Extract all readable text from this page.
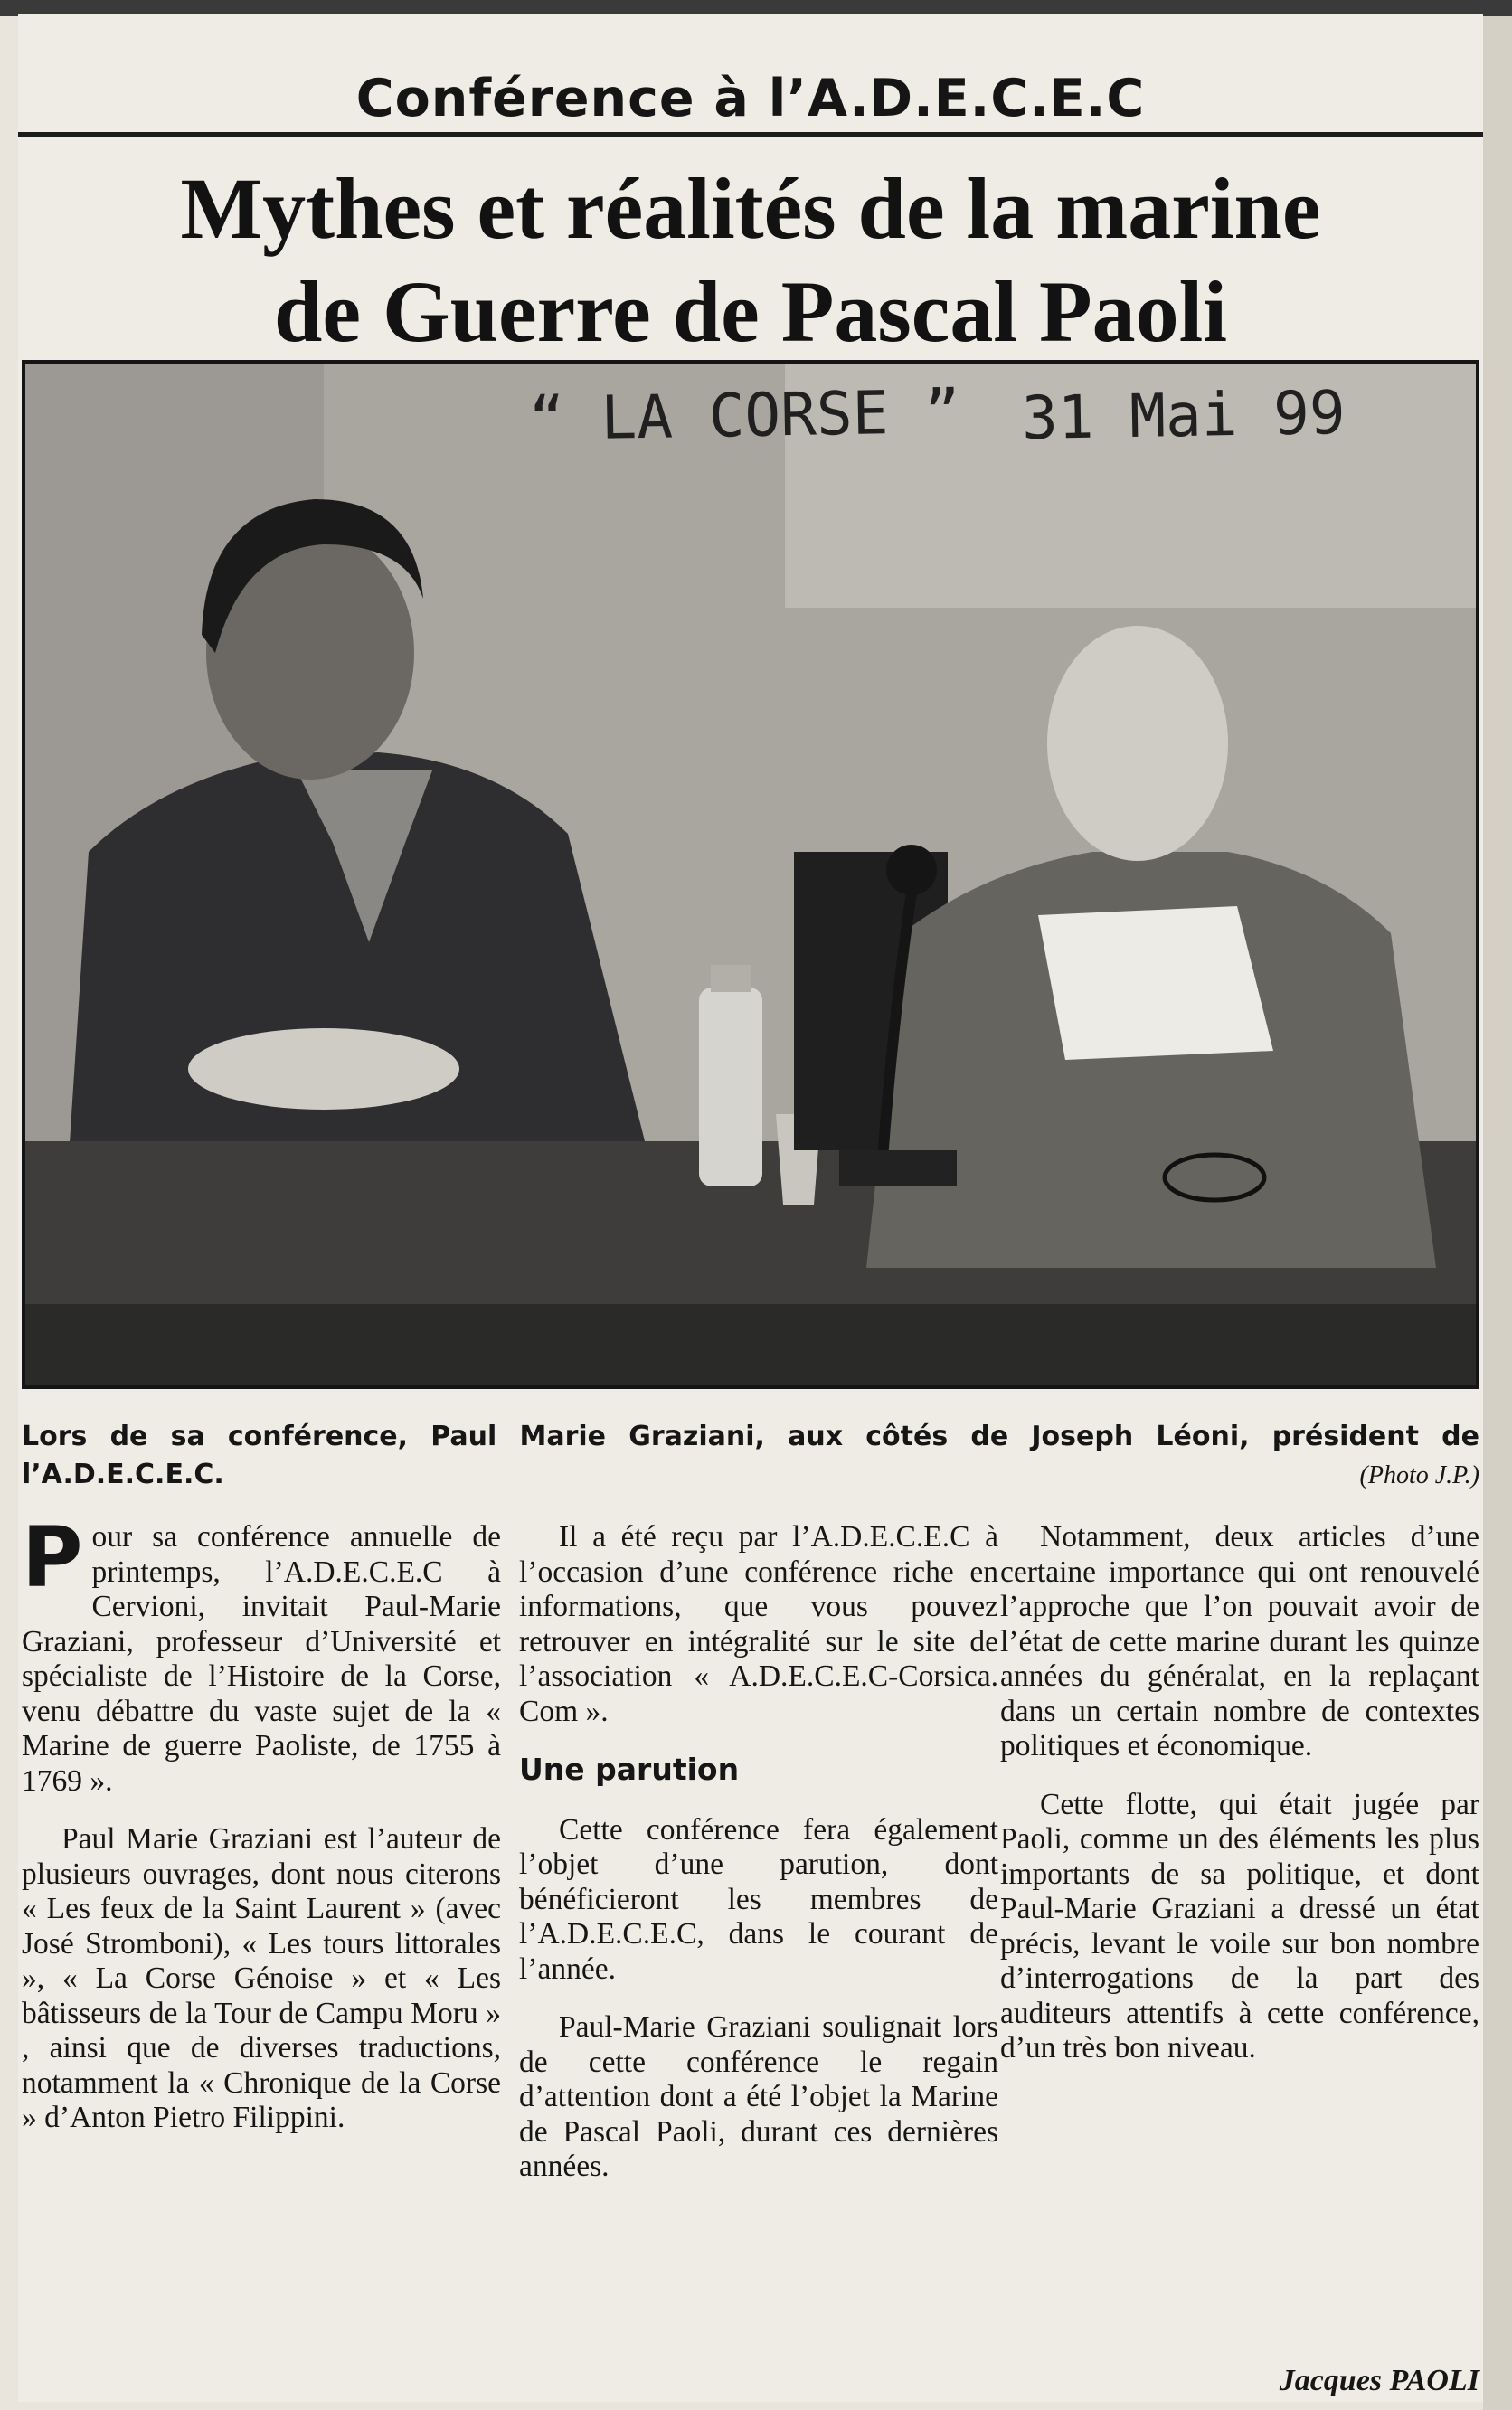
Conférence à l’A.D.E.C.E.C
Mythes et réalités de la marine
de Guerre de Pascal Paoli
“ LA CORSE ” 31 Mai 99

Lors de sa conférence, Paul Marie Graziani, aux côtés de Joseph Léoni, président de l’A.D.E.C.E.C.	(Photo J.P.)

Pour sa conférence annuelle de printemps, l’A.D.E.C.E.C à Cervioni, invitait Paul-Marie Graziani, professeur d’Université et spécialiste de l’Histoire de la Corse, venu débattre du vaste sujet de la « Marine de guerre Paoliste, de 1755 à 1769 ».

Paul Marie Graziani est l’auteur de plusieurs ouvrages, dont nous citerons « Les feux de la Saint Laurent » (avec José Stromboni), « Les tours littorales », « La Corse Génoise » et « Les bâtisseurs de la Tour de Campu Moru » , ainsi que de diverses traductions, notamment la « Chronique de la Corse » d’Anton Pietro Filippini.

Il a été reçu par l’A.D.E.C.E.C à l’occasion d’une conférence riche en informations, que vous pouvez retrouver en intégralité sur le site de l’association « A.D.E.C.E.C-Corsica. Com ».

Une parution

Cette conférence fera également l’objet d’une parution, dont bénéficieront les membres de l’A.D.E.C.E.C, dans le courant de l’année.

Paul-Marie Graziani soulignait lors de cette conférence le regain d’attention dont a été l’objet la Marine de Pascal Paoli, durant ces dernières années.

Notamment, deux articles d’une certaine importance qui ont renouvelé l’approche que l’on pouvait avoir de l’état de cette marine durant les quinze années du généralat, en la replaçant dans un certain nombre de contextes politiques et économique.

Cette flotte, qui était jugée par Paoli, comme un des éléments les plus importants de sa politique, et dont Paul-Marie Graziani a dressé un état précis, levant le voile sur bon nombre d’interrogations de la part des auditeurs attentifs à cette conférence, d’un très bon niveau.

Jacques PAOLI
